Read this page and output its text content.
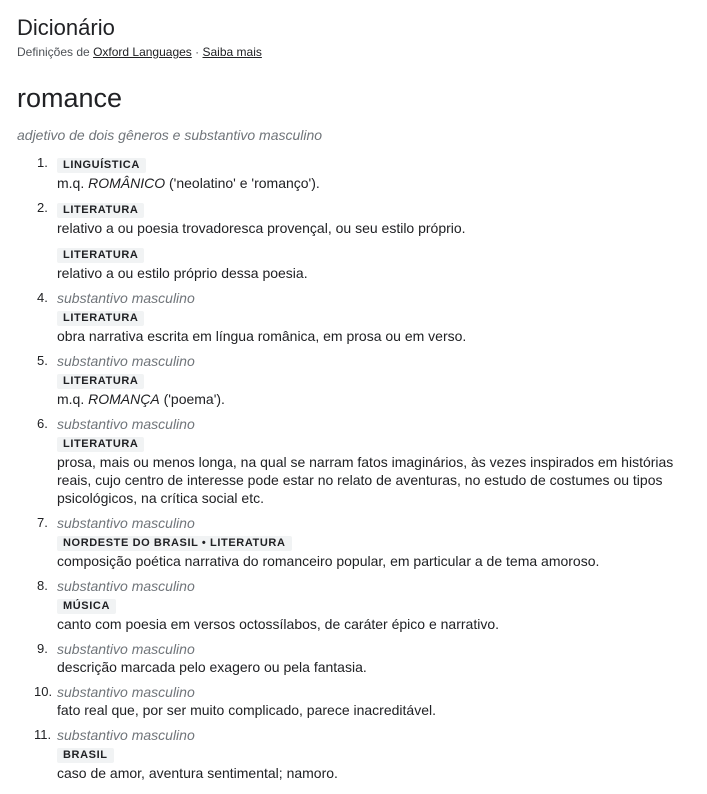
Dicionário
Definições de Oxford Languages · Saiba mais
romance
adjetivo de dois gêneros e substantivo masculino
1. LINGUÍSTICA
m.q. ROMÂNICO ('neolatino' e 'romanço').
2. LITERATURA
relativo a ou poesia trovadoresca provençal, ou seu estilo próprio.
LITERATURA
relativo a ou estilo próprio dessa poesia.
4. substantivo masculino
LITERATURA
obra narrativa escrita em língua românica, em prosa ou em verso.
5. substantivo masculino
LITERATURA
m.q. ROMANÇA ('poema').
6. substantivo masculino
LITERATURA
prosa, mais ou menos longa, na qual se narram fatos imaginários, às vezes inspirados em histórias reais, cujo centro de interesse pode estar no relato de aventuras, no estudo de costumes ou tipos psicológicos, na crítica social etc.
7. substantivo masculino
NORDESTE DO BRASIL • LITERATURA
composição poética narrativa do romanceiro popular, em particular a de tema amoroso.
8. substantivo masculino
MÚSICA
canto com poesia em versos octossílabos, de caráter épico e narrativo.
9. substantivo masculino
descrição marcada pelo exagero ou pela fantasia.
10. substantivo masculino
fato real que, por ser muito complicado, parece inacreditável.
11. substantivo masculino
BRASIL
caso de amor, aventura sentimental; namoro.
